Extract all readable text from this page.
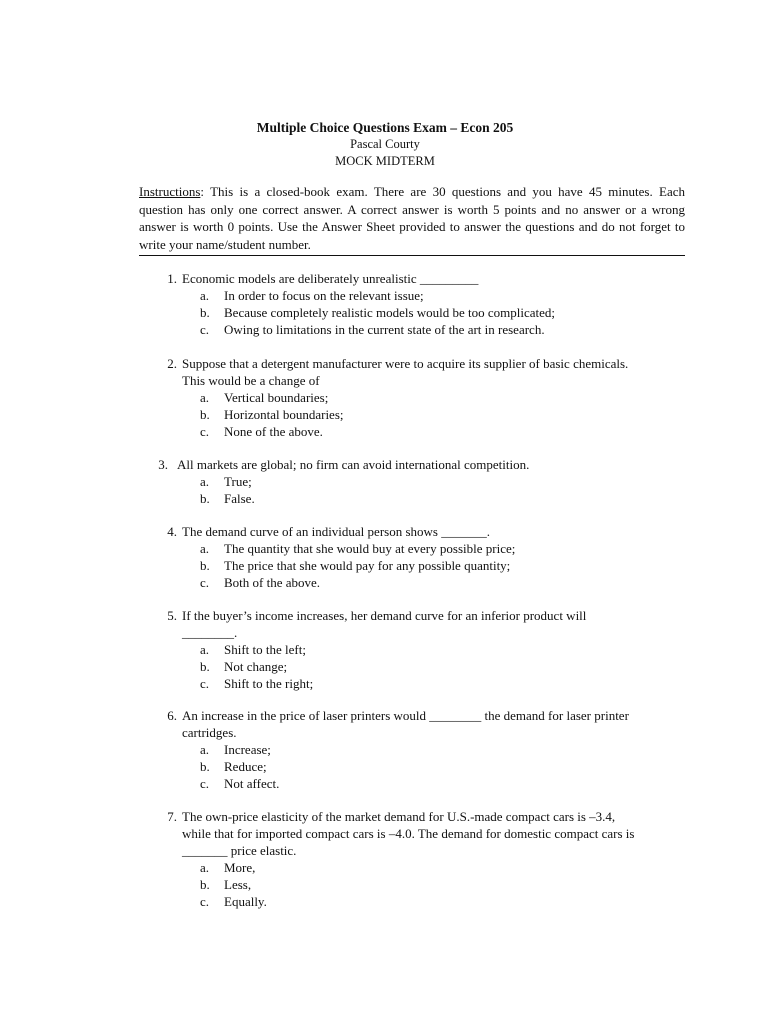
Multiple Choice Questions Exam – Econ 205
Pascal Courty
MOCK MIDTERM
Instructions: This is a closed-book exam. There are 30 questions and you have 45 minutes. Each question has only one correct answer. A correct answer is worth 5 points and no answer or a wrong answer is worth 0 points. Use the Answer Sheet provided to answer the questions and do not forget to write your name/student number.
1. Economic models are deliberately unrealistic _________
a.	In order to focus on the relevant issue;
b.	Because completely realistic models would be too complicated;
c.	Owing to limitations in the current state of the art in research.
2. Suppose that a detergent manufacturer were to acquire its supplier of basic chemicals. This would be a change of
a.	Vertical boundaries;
b.	Horizontal boundaries;
c.	None of the above.
3. All markets are global; no firm can avoid international competition.
a.	True;
b.	False.
4. The demand curve of an individual person shows _______.
a.	The quantity that she would buy at every possible price;
b.	The price that she would pay for any possible quantity;
c.	Both of the above.
5. If the buyer’s income increases, her demand curve for an inferior product will ________.
a.	Shift to the left;
b.	Not change;
c.	Shift to the right;
6. An increase in the price of laser printers would ________ the demand for laser printer cartridges.
a.	Increase;
b.	Reduce;
c.	Not affect.
7. The own-price elasticity of the market demand for U.S.-made compact cars is –3.4, while that for imported compact cars is –4.0. The demand for domestic compact cars is _______ price elastic.
a.	More,
b.	Less,
c.	Equally.
